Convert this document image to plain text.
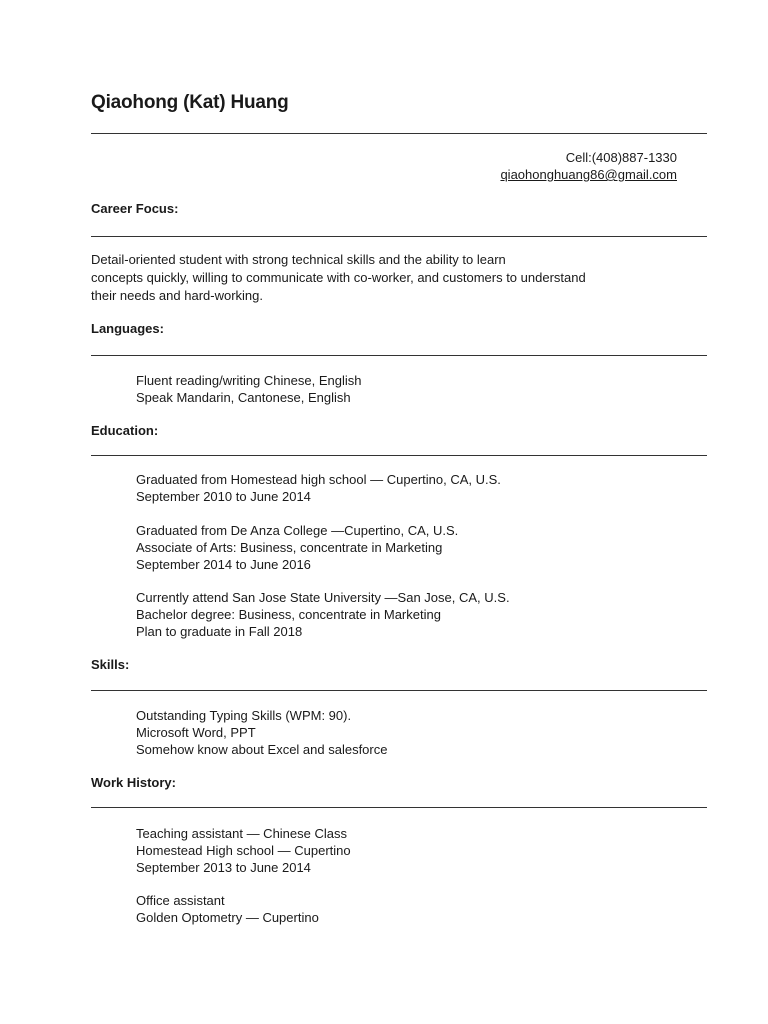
Qiaohong (Kat) Huang
Cell:(408)887-1330
qiaohonghuang86@gmail.com
Career Focus:
Detail-oriented student with strong technical skills and the ability to learn
concepts quickly, willing to communicate with co-worker, and customers to understand
their needs and hard-working.
Languages:
Fluent reading/writing Chinese, English
Speak Mandarin, Cantonese, English
Education:
Graduated from Homestead high school — Cupertino, CA, U.S.
September 2010 to June 2014
Graduated from De Anza College —Cupertino, CA, U.S.
Associate of Arts: Business, concentrate in Marketing
September 2014 to June 2016
Currently attend San Jose State University —San Jose, CA, U.S.
Bachelor degree: Business, concentrate in Marketing
Plan to graduate in Fall 2018
Skills:
Outstanding Typing Skills (WPM: 90).
Microsoft Word, PPT
Somehow know about Excel and salesforce
Work History:
Teaching assistant — Chinese Class
Homestead High school — Cupertino
September 2013 to June 2014
Office assistant
Golden Optometry — Cupertino
